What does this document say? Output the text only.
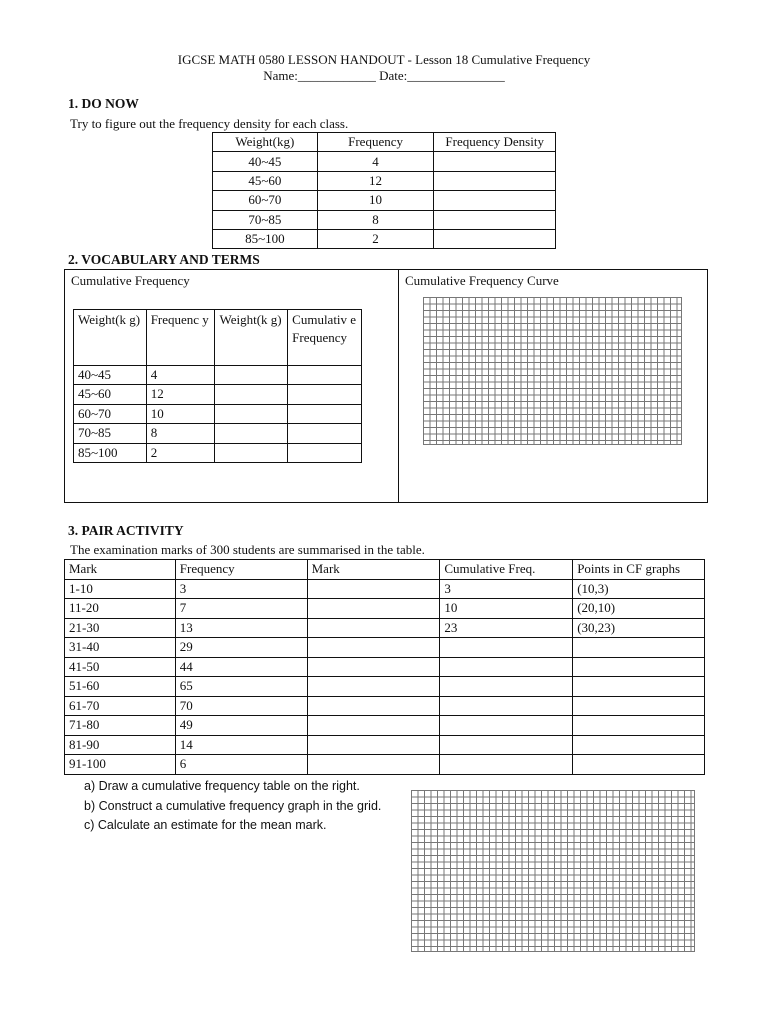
IGCSE MATH 0580 LESSON HANDOUT - Lesson 18 Cumulative Frequency
Name:____________ Date:_______________
1. DO NOW
Try to figure out the frequency density for each class.
Weight(kg)	Frequency	Frequency Density
40~45	4	
45~60	12	
60~70	10	
70~85	8	
85~100	2	
2. VOCABULARY AND TERMS
Cumulative Frequency	Cumulative Frequency Curve
Weight(k g)	Frequenc y	Weight(k g)	Cumulativ e Frequency
40~45	4		
45~60	12		
60~70	10		
70~85	8		
85~100	2		
3. PAIR ACTIVITY
The examination marks of 300 students are summarised in the table.
Mark	Frequency	Mark	Cumulative Freq.	Points in CF graphs
1-10	3		3	(10,3)
11-20	7		10	(20,10)
21-30	13		23	(30,23)
31-40	29			
41-50	44			
51-60	65			
61-70	70			
71-80	49			
81-90	14			
91-100	6			
a) Draw a cumulative frequency table on the right.
b) Construct a cumulative frequency graph in the grid.
c) Calculate an estimate for the mean mark.
